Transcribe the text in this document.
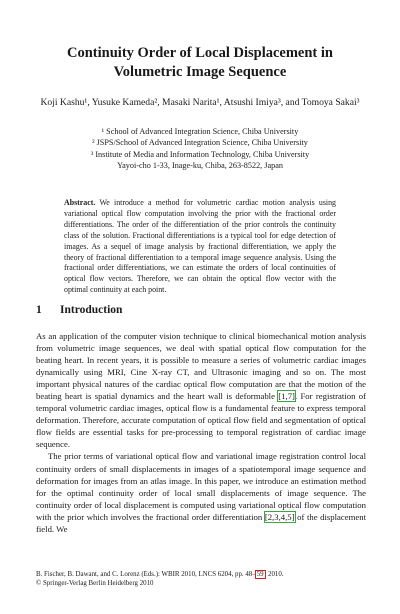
Continuity Order of Local Displacement in Volumetric Image Sequence
Koji Kashu¹, Yusuke Kameda², Masaki Narita¹, Atsushi Imiya³, and Tomoya Sakai³
¹ School of Advanced Integration Science, Chiba University
² JSPS/School of Advanced Integration Science, Chiba University
³ Institute of Media and Information Technology, Chiba University
Yayoi-cho 1-33, Inage-ku, Chiba, 263-8522, Japan
Abstract. We introduce a method for volumetric cardiac motion analysis using variational optical flow computation involving the prior with the fractional order differentiations. The order of the differentiation of the prior controls the continuity class of the solution. Fractional differentiations is a typical tool for edge detection of images. As a sequel of image analysis by fractional differentiation, we apply the theory of fractional differentiation to a temporal image sequence analysis. Using the fractional order differentiations, we can estimate the orders of local continuities of optical flow vectors. Therefore, we can obtain the optical flow vector with the optimal continuity at each point.
1 Introduction

As an application of the computer vision technique to clinical biomechanical motion analysis from volumetric image sequences, we deal with spatial optical flow computation for the beating heart. In recent years, it is possible to measure a series of volumetric cardiac images dynamically using MRI, Cine X-ray CT, and Ultrasonic imaging and so on. The most important physical natures of the cardiac optical flow computation are that the motion of the beating heart is spatial dynamics and the heart wall is deformable [1,7]. For registration of temporal volumetric cardiac images, optical flow is a fundamental feature to express temporal deformation. Therefore, accurate computation of optical flow field and segmentation of optical flow fields are essential tasks for pre-processing to temporal registration of cardiac image sequence.

The prior terms of variational optical flow and variational image registration control local continuity orders of small displacements in images of a spatiotemporal image sequence and deformation for images from an atlas image. In this paper, we introduce an estimation method for the optimal continuity order of local small displacements of image sequence. The continuity order of local displacement is computed using variational optical flow computation with the prior which involves the fractional order differentiation [2,3,4,5] of the displacement field. We

B. Fischer, B. Dawant, and C. Lorenz (Eds.): WBIR 2010, LNCS 6204, pp. 48–59, 2010.
© Springer-Verlag Berlin Heidelberg 2010
